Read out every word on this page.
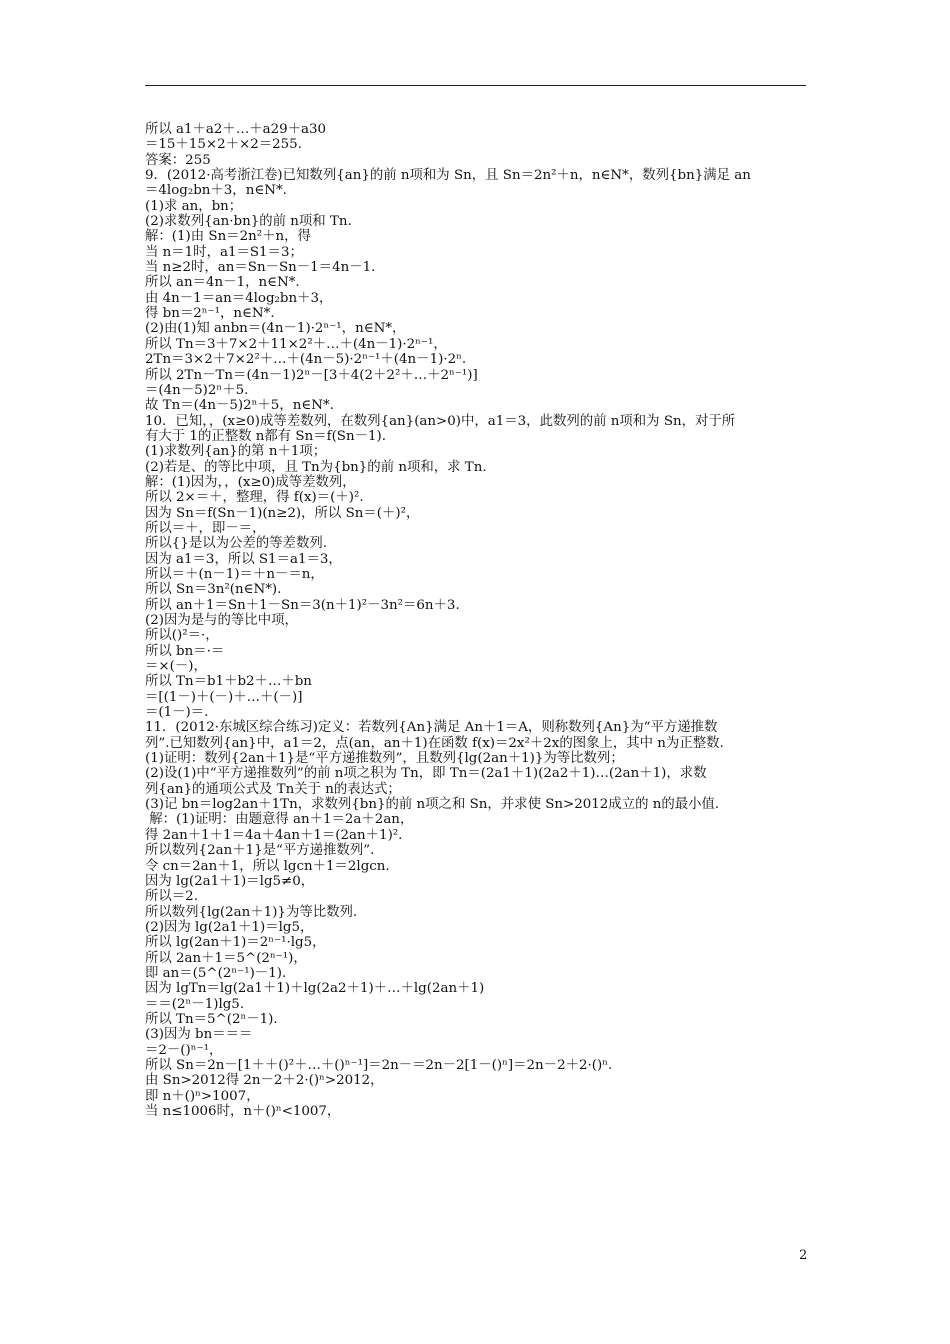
所以 a1＋a2＋…＋a29＋a30
＝15＋15×2＋×2＝255.
答案：255
9．(2012·高考浙江卷)已知数列{an}的前 n项和为 Sn，且 Sn＝2n²＋n，n∈N*，数列{bn}满足 an
＝4log₂bn＋3，n∈N*.
(1)求 an，bn；
(2)求数列{an·bn}的前 n项和 Tn.
解：(1)由 Sn＝2n²＋n，得
当 n＝1时，a1＝S1＝3；
当 n≥2时，an＝Sn－Sn－1＝4n－1.
所以 an＝4n－1，n∈N*.
由 4n－1＝an＝4log₂bn＋3，
得 bn＝2ⁿ⁻¹，n∈N*.
(2)由(1)知 anbn＝(4n－1)·2ⁿ⁻¹，n∈N*，
所以 Tn＝3＋7×2＋11×2²＋…＋(4n－1)·2ⁿ⁻¹，
2Tn＝3×2＋7×2²＋…＋(4n－5)·2ⁿ⁻¹＋(4n－1)·2ⁿ.
所以 2Tn－Tn＝(4n－1)2ⁿ－[3＋4(2＋2²＋…＋2ⁿ⁻¹)]
＝(4n－5)2ⁿ＋5.
故 Tn＝(4n－5)2ⁿ＋5，n∈N*.
10．已知，，(x≥0)成等差数列，在数列{an}(an>0)中，a1＝3，此数列的前 n项和为 Sn，对于所
有大于 1的正整数 n都有 Sn＝f(Sn－1).
(1)求数列{an}的第 n＋1项；
(2)若是、的等比中项，且 Tn为{bn}的前 n项和，求 Tn.
解：(1)因为，，(x≥0)成等差数列，
所以 2×＝＋，整理，得 f(x)＝(＋)².
因为 Sn＝f(Sn－1)(n≥2)，所以 Sn＝(＋)²，
所以＝＋，即－＝，
所以{}是以为公差的等差数列.
因为 a1＝3，所以 S1＝a1＝3，
所以＝＋(n－1)＝＋n－＝n，
所以 Sn＝3n²(n∈N*).
所以 an＋1＝Sn＋1－Sn＝3(n＋1)²－3n²＝6n＋3.
(2)因为是与的等比中项，
所以()²＝·，
所以 bn＝·＝
＝×(－)，
所以 Tn＝b1＋b2＋…＋bn
＝[(1－)＋(－)＋…＋(－)]
＝(1－)＝.
11．(2012·东城区综合练习)定义：若数列{An}满足 An＋1＝A，则称数列{An}为“平方递推数
列”.已知数列{an}中，a1＝2，点(an，an＋1)在函数 f(x)＝2x²＋2x的图象上，其中 n为正整数.
(1)证明：数列{2an＋1}是“平方递推数列”，且数列{lg(2an＋1)}为等比数列；
(2)设(1)中“平方递推数列”的前 n项之积为 Tn，即 Tn＝(2a1＋1)(2a2＋1)…(2an＋1)，求数
列{an}的通项公式及 Tn关于 n的表达式；
(3)记 bn＝log2an＋1Tn，求数列{bn}的前 n项之和 Sn，并求使 Sn>2012成立的 n的最小值.
解：(1)证明：由题意得 an＋1＝2a＋2an，
得 2an＋1＋1＝4a＋4an＋1＝(2an＋1)².
所以数列{2an＋1}是“平方递推数列”.
令 cn＝2an＋1，所以 lgcn＋1＝2lgcn.
因为 lg(2a1＋1)＝lg5≠0，
所以＝2.
所以数列{lg(2an＋1)}为等比数列.
(2)因为 lg(2a1＋1)＝lg5，
所以 lg(2an＋1)＝2ⁿ⁻¹·lg5，
所以 2an＋1＝5^(2ⁿ⁻¹)，
即 an＝(5^(2ⁿ⁻¹)－1).
因为 lgTn＝lg(2a1＋1)＋lg(2a2＋1)＋…＋lg(2an＋1)
＝＝(2ⁿ－1)lg5.
所以 Tn＝5^(2ⁿ－1).
(3)因为 bn＝＝＝
＝2－()ⁿ⁻¹，
所以 Sn＝2n－[1＋＋()²＋…＋()ⁿ⁻¹]＝2n－＝2n－2[1－()ⁿ]＝2n－2＋2·()ⁿ.
由 Sn>2012得 2n－2＋2·()ⁿ>2012，
即 n＋()ⁿ>1007，
当 n≤1006时，n＋()ⁿ<1007，
2
